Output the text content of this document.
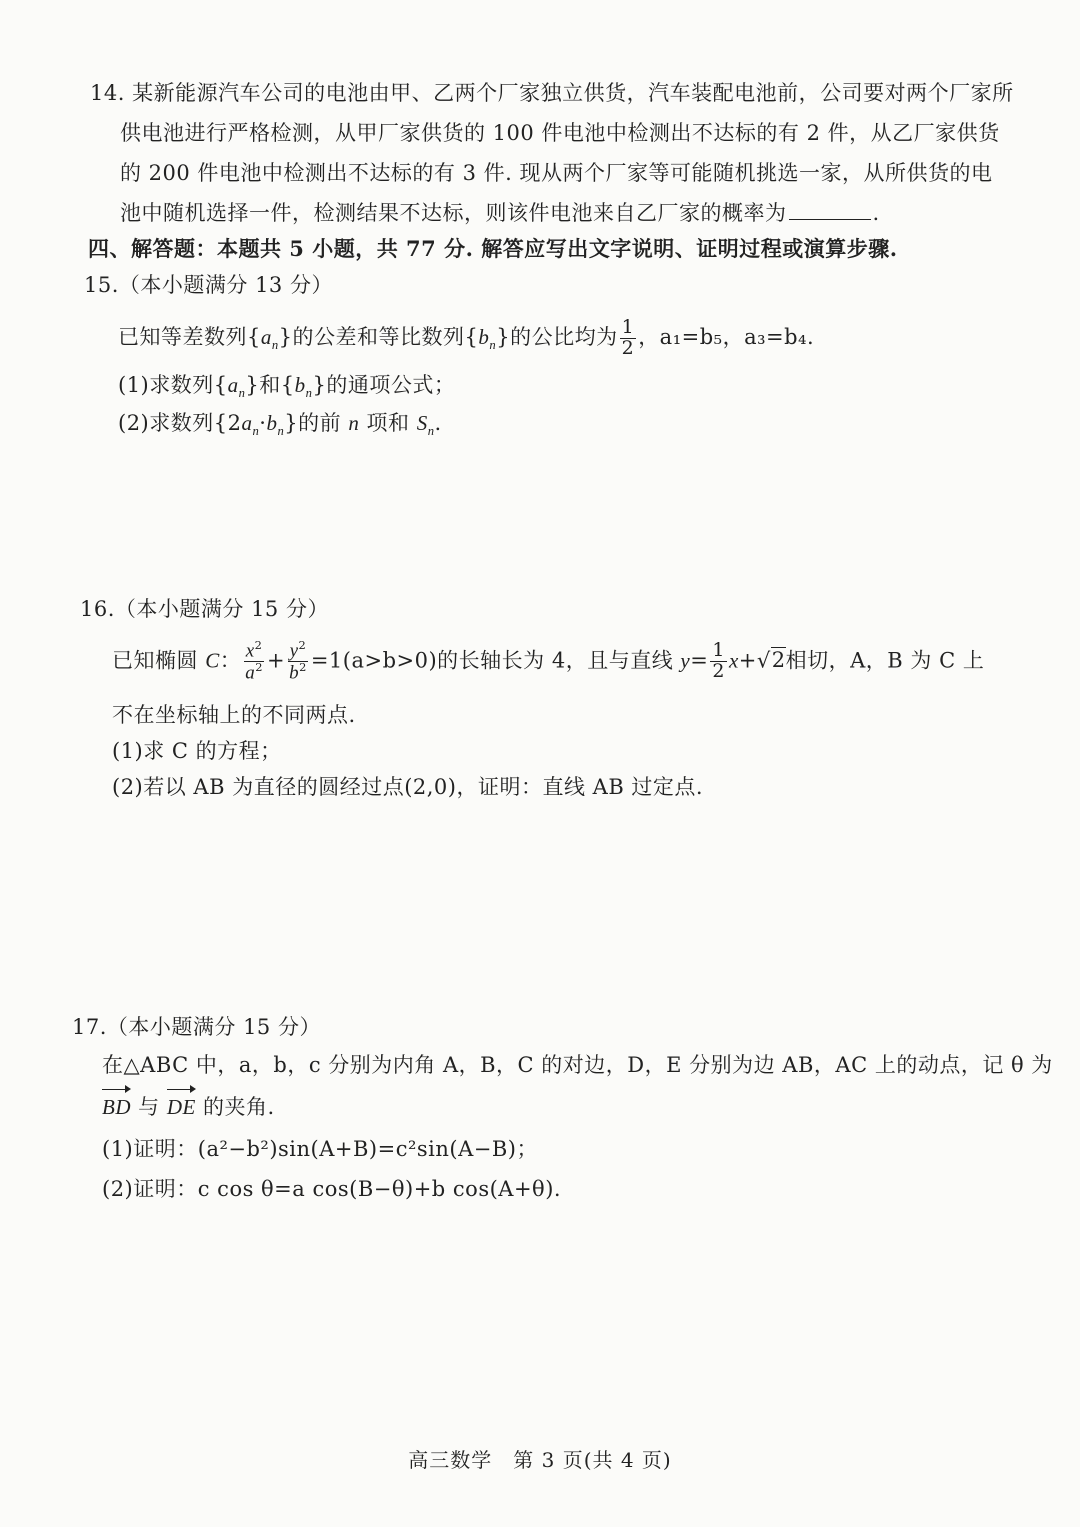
14. 某新能源汽车公司的电池由甲、乙两个厂家独立供货，汽车装配电池前，公司要对两个厂家所
供电池进行严格检测，从甲厂家供货的 100 件电池中检测出不达标的有 2 件，从乙厂家供货
的 200 件电池中检测出不达标的有 3 件. 现从两个厂家等可能随机挑选一家，从所供货的电
池中随机选择一件，检测结果不达标，则该件电池来自乙厂家的概率为	.
四、解答题：本题共 5 小题，共 77 分. 解答应写出文字说明、证明过程或演算步骤.
15.（本小题满分 13 分）
已知等差数列$\{a_n\}$的公差和等比数列$\{b_n\}$的公比均为 $\frac{1}{2}$ ，a₁=b₅，a₃=b₄.
(1)求数列$\{a_n\}$和$\{b_n\}$的通项公式；
(2)求数列$\{2a_n\cdot b_n\}$的前 n 项和 $S_n$.
16.（本小题满分 15 分）
已知椭圆 C： $\frac{x^2}{a^2} + \frac{y^2}{b^2} =1(a>b>0)$的长轴长为 4，且与直线 $y= \frac{1}{2} x+√2$相切，A，B 为 C 上
不在坐标轴上的不同两点.
(1)求 C 的方程；
(2)若以 AB 为直径的圆经过点(2,0)，证明：直线 AB 过定点.
17.（本小题满分 15 分）
在△ABC 中，a，b，c 分别为内角 A，B，C 的对边，D，E 分别为边 AB，AC 上的动点，记 θ 为
BD 与 DE 的夹角.
(1)证明：(a²−b²)sin(A+B)=c²sin(A−B)；
(2)证明：c cos θ=a cos(B−θ)+b cos(A+θ).
高三数学　第 3 页(共 4 页)
